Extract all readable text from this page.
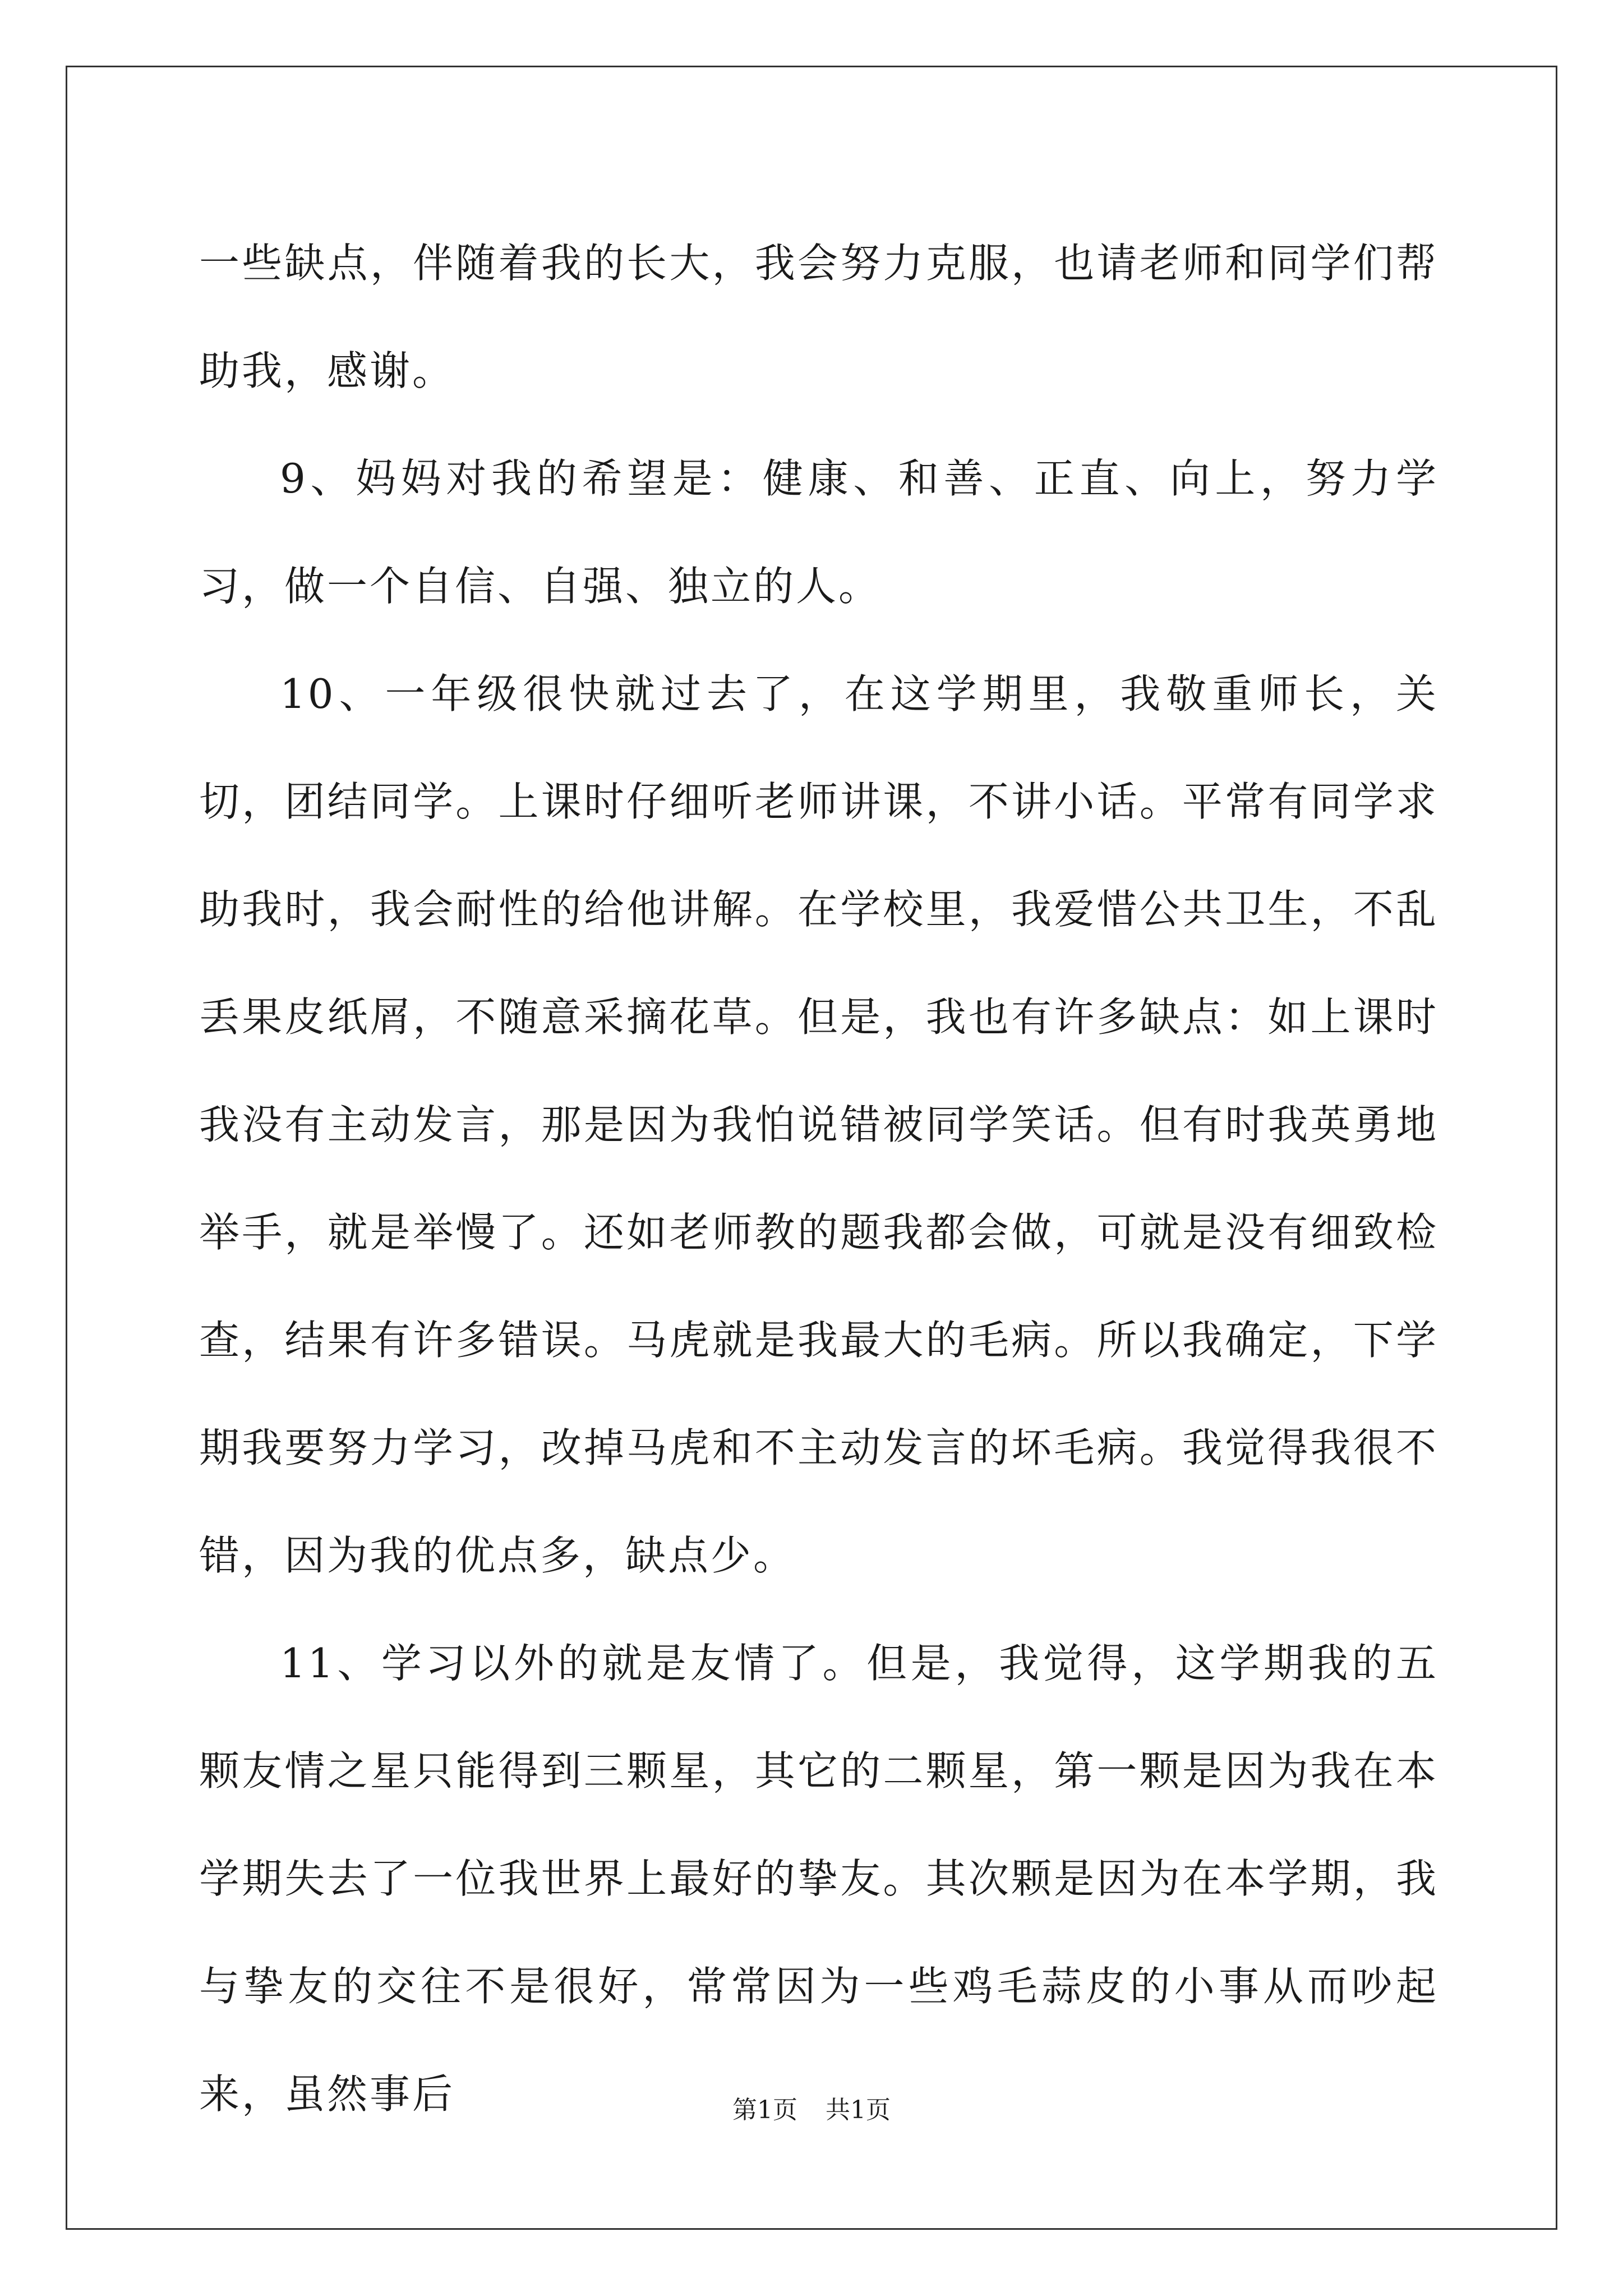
一些缺点，伴随着我的长大，我会努力克服，也请老师和同学们帮助我，感谢。

9、妈妈对我的希望是：健康、和善、正直、向上，努力学习，做一个自信、自强、独立的人。

10、一年级很快就过去了，在这学期里，我敬重师长，关切，团结同学。上课时仔细听老师讲课，不讲小话。平常有同学求助我时，我会耐性的给他讲解。在学校里，我爱惜公共卫生，不乱丢果皮纸屑，不随意采摘花草。但是，我也有许多缺点：如上课时我没有主动发言，那是因为我怕说错被同学笑话。但有时我英勇地举手，就是举慢了。还如老师教的题我都会做，可就是没有细致检查，结果有许多错误。马虎就是我最大的毛病。所以我确定，下学期我要努力学习，改掉马虎和不主动发言的坏毛病。我觉得我很不错，因为我的优点多，缺点少。

11、学习以外的就是友情了。但是，我觉得，这学期我的五颗友情之星只能得到三颗星，其它的二颗星，第一颗是因为我在本学期失去了一位我世界上最好的挚友。其次颗是因为在本学期，我与挚友的交往不是很好，常常因为一些鸡毛蒜皮的小事从而吵起来，虽然事后	第1页 共1页
